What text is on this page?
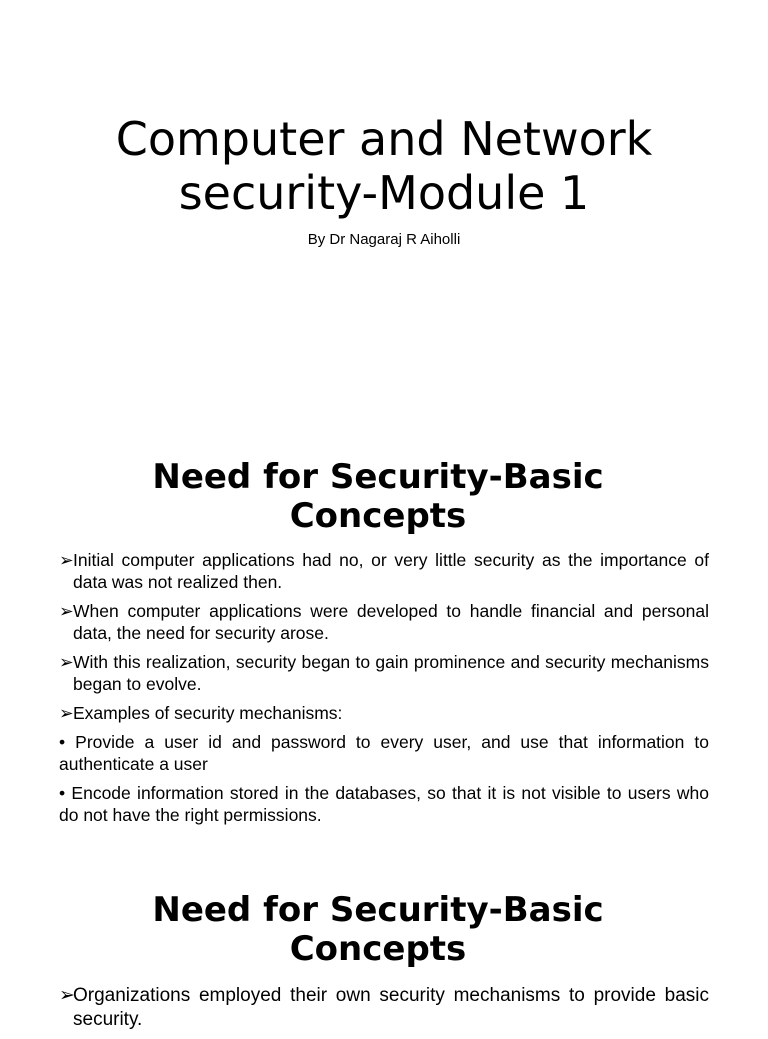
Computer and Network
security-Module 1

By Dr Nagaraj R Aiholli

Need for Security-Basic
Concepts
➢Initial computer applications had no, or very little security as the importance of data was not realized then.
➢When computer applications were developed to handle financial and personal data, the need for security arose.
➢With this realization, security began to gain prominence and security mechanisms began to evolve.
➢Examples of security mechanisms:
• Provide a user id and password to every user, and use that information to authenticate a user
• Encode information stored in the databases, so that it is not visible to users who do not have the right permissions.
Need for Security-Basic
Concepts
➢Organizations employed their own security mechanisms to provide basic security.
